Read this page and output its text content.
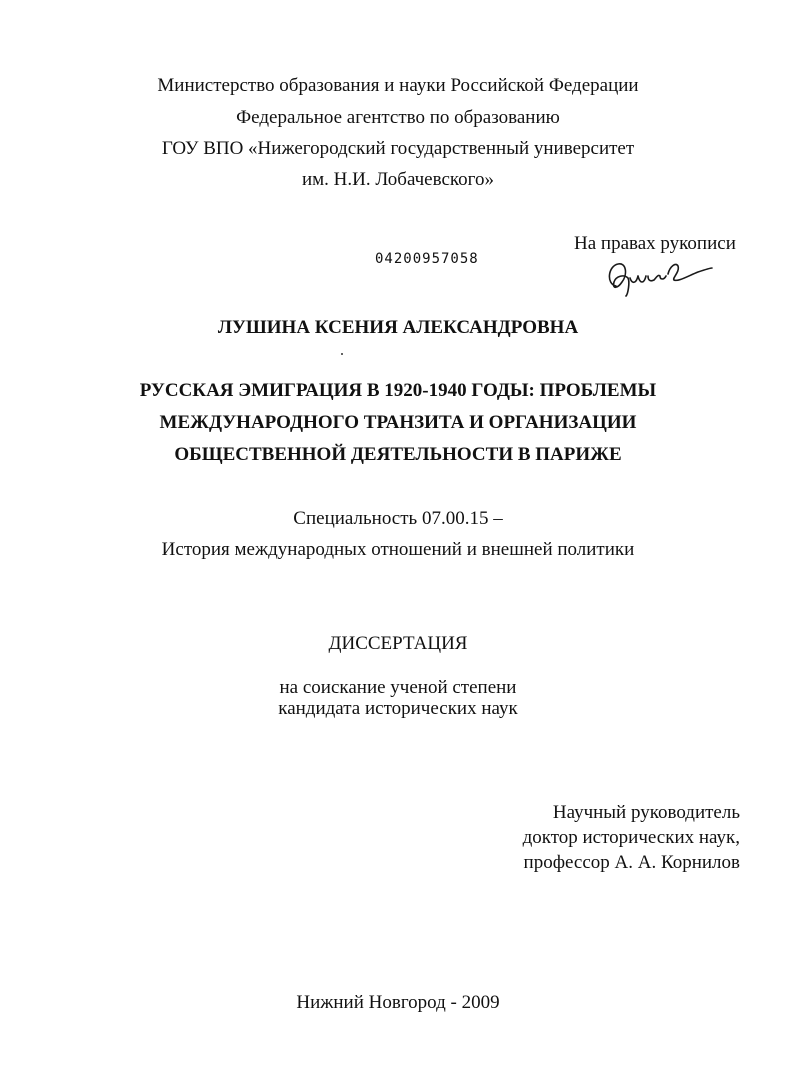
Министерство образования и науки Российской Федерации
Федеральное агентство по образованию
ГОУ ВПО «Нижегородский государственный университет
им. Н.И. Лобачевского»
04200957058
На правах рукописи
ЛУШИНА КСЕНИЯ АЛЕКСАНДРОВНА
РУССКАЯ ЭМИГРАЦИЯ В 1920-1940 ГОДЫ: ПРОБЛЕМЫ
МЕЖДУНАРОДНОГО ТРАНЗИТА И ОРГАНИЗАЦИИ
ОБЩЕСТВЕННОЙ ДЕЯТЕЛЬНОСТИ В ПАРИЖЕ
Специальность 07.00.15 –
История международных отношений и внешней политики
ДИССЕРТАЦИЯ
на соискание ученой степени
кандидата исторических наук
Научный руководитель
доктор исторических наук,
профессор А. А. Корнилов
Нижний Новгород - 2009
